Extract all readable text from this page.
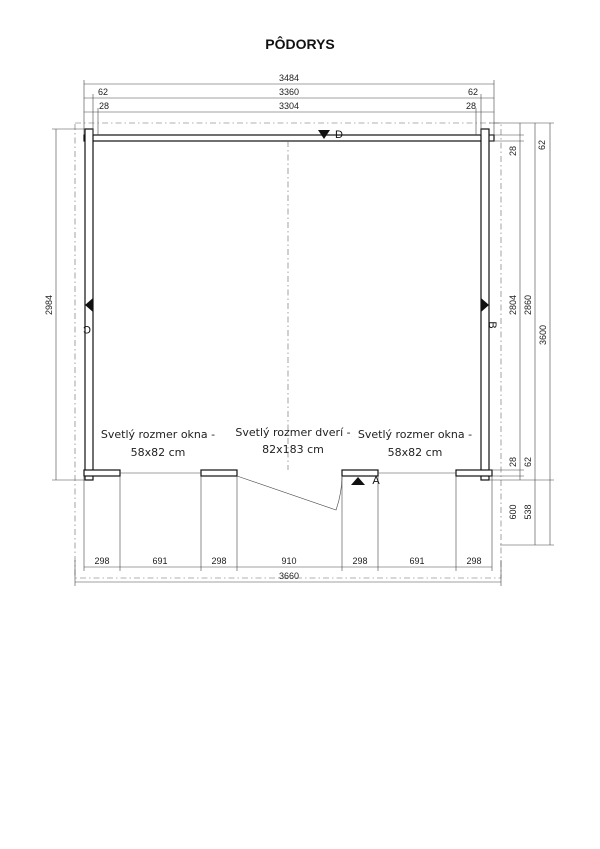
PÔDORYS
3484
62	3360	62
28	3304	28
2984
62
28
2804 2860
3600
28 62
600 538
298	691	298	910	298	691	298
3660
Svetlý rozmer okna -
58x82 cm
Svetlý rozmer dverí -
82x183 cm
Svetlý rozmer okna -
58x82 cm
D
A
C	B
